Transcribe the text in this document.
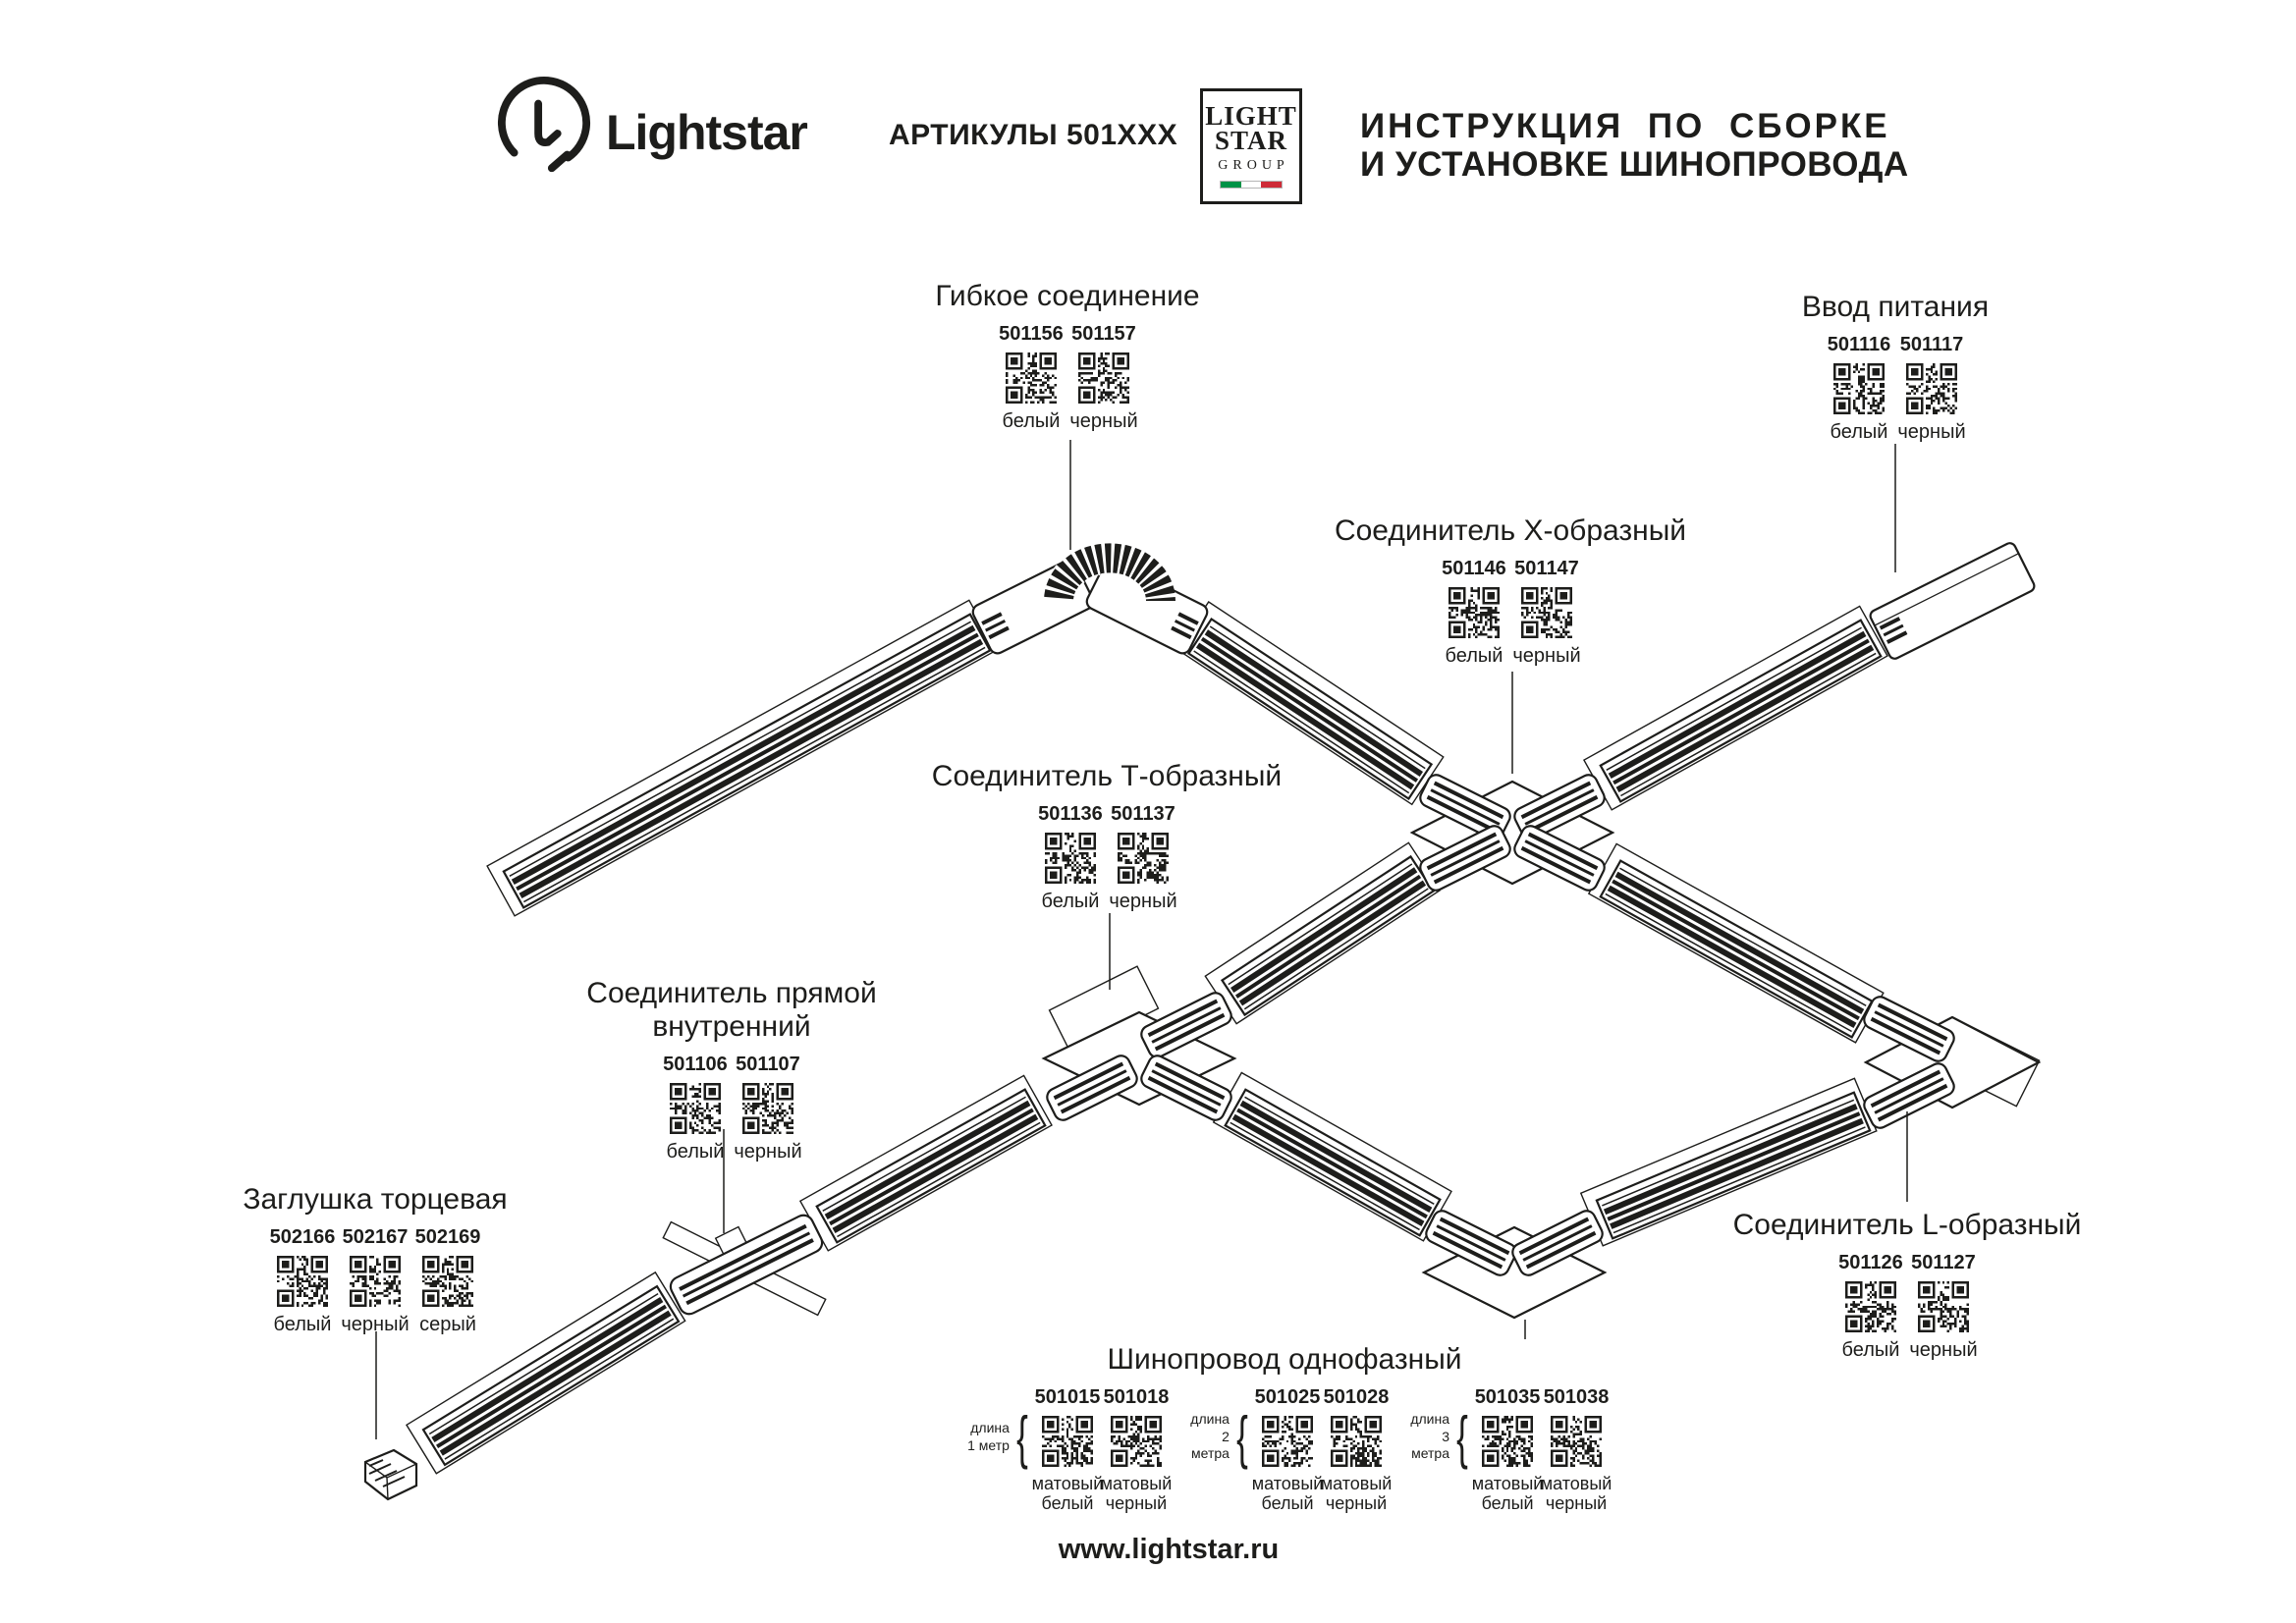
Lightstar	АРТИКУЛЫ 501XXX
LIGHT
STAR
GROUP
ИНСТРУКЦИЯ ПО СБОРКЕ
И УСТАНОВКЕ ШИНОПРОВОДА
Гибкое соединение
501156
белый
501157
черный
Ввод питания
501116
белый
501117
черный
Соединитель Х-образный
501146
белый
501147
черный
Соединитель Т-образный
501136
белый
501137
черный
Соединитель прямой внутренний
501106
белый
501107
черный
Заглушка торцевая
502166
белый
502167
черный
502169
серый
Соединитель L-образный
501126
белый
501127
черный
Шинопровод однофазный
длина 1 метр {
501015
матовый белый
501018
матовый черный
длина 2 метра {
501025
матовый белый
501028
матовый черный
длина 3 метра {
501035
матовый белый
501038
матовый черный
www.lightstar.ru
